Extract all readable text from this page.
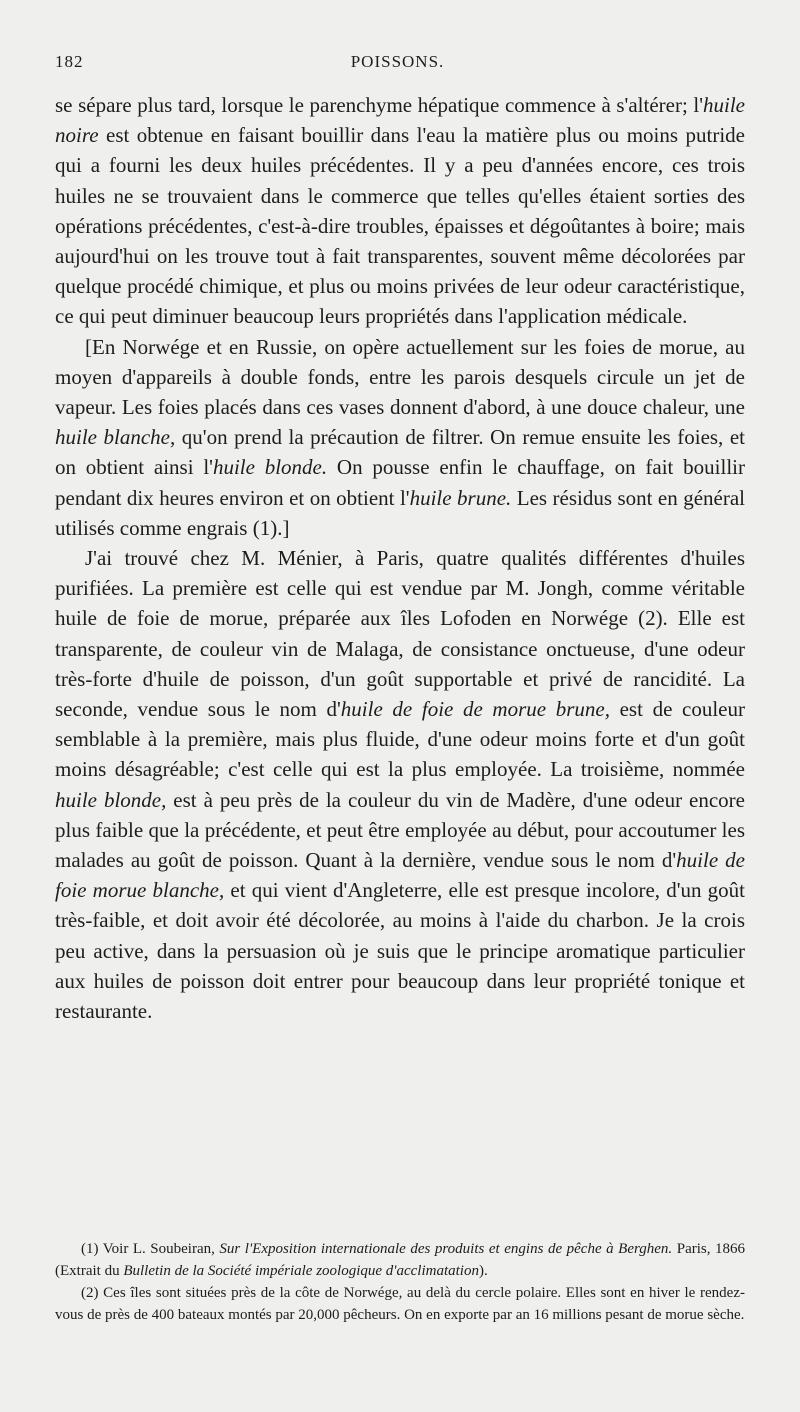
182	POISSONS.

se sépare plus tard, lorsque le parenchyme hépatique commence à s'altérer; l'huile noire est obtenue en faisant bouillir dans l'eau la matière plus ou moins putride qui a fourni les deux huiles précédentes. Il y a peu d'années encore, ces trois huiles ne se trouvaient dans le commerce que telles qu'elles étaient sorties des opérations précédentes, c'est-à-dire troubles, épaisses et dégoûtantes à boire; mais aujourd'hui on les trouve tout à fait transparentes, souvent même décolorées par quelque procédé chimique, et plus ou moins privées de leur odeur caractéristique, ce qui peut diminuer beaucoup leurs propriétés dans l'application médicale.

[En Norwége et en Russie, on opère actuellement sur les foies de morue, au moyen d'appareils à double fonds, entre les parois desquels circule un jet de vapeur. Les foies placés dans ces vases donnent d'abord, à une douce chaleur, une huile blanche, qu'on prend la précaution de filtrer. On remue ensuite les foies, et on obtient ainsi l'huile blonde. On pousse enfin le chauffage, on fait bouillir pendant dix heures environ et on obtient l'huile brune. Les résidus sont en général utilisés comme engrais (1).]

J'ai trouvé chez M. Ménier, à Paris, quatre qualités différentes d'huiles purifiées. La première est celle qui est vendue par M. Jongh, comme véritable huile de foie de morue, préparée aux îles Lofoden en Norwége (2). Elle est transparente, de couleur vin de Malaga, de consistance onctueuse, d'une odeur très-forte d'huile de poisson, d'un goût supportable et privé de rancidité. La seconde, vendue sous le nom d'huile de foie de morue brune, est de couleur semblable à la première, mais plus fluide, d'une odeur moins forte et d'un goût moins désagréable; c'est celle qui est la plus employée. La troisième, nommée huile blonde, est à peu près de la couleur du vin de Madère, d'une odeur encore plus faible que la précédente, et peut être employée au début, pour accoutumer les malades au goût de poisson. Quant à la dernière, vendue sous le nom d'huile de foie morue blanche, et qui vient d'Angleterre, elle est presque incolore, d'un goût très-faible, et doit avoir été décolorée, au moins à l'aide du charbon. Je la crois peu active, dans la persuasion où je suis que le principe aromatique particulier aux huiles de poisson doit entrer pour beaucoup dans leur propriété tonique et restaurante.

(1) Voir L. Soubeiran, Sur l'Exposition internationale des produits et engins de pêche à Berghen. Paris, 1866 (Extrait du Bulletin de la Société impériale zoologique d'acclimatation).

(2) Ces îles sont situées près de la côte de Norwége, au delà du cercle polaire. Elles sont en hiver le rendez-vous de près de 400 bateaux montés par 20,000 pêcheurs. On en exporte par an 16 millions pesant de morue sèche.
